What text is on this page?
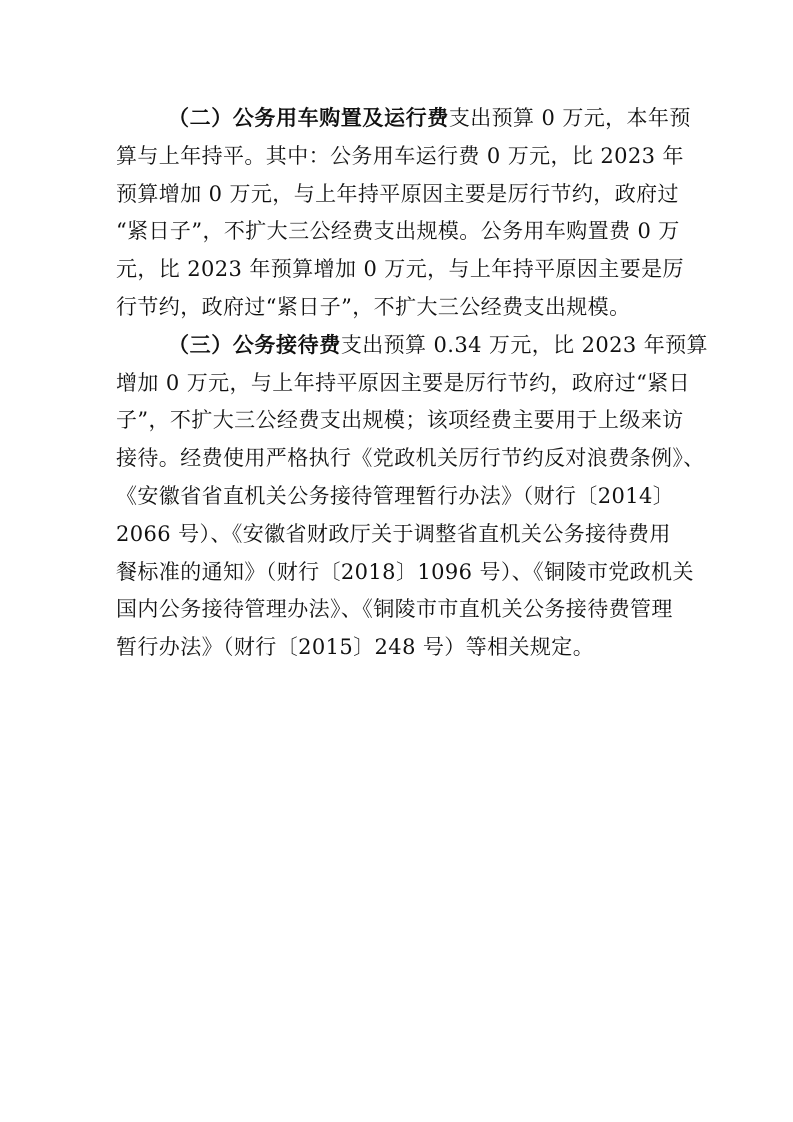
（二）公务用车购置及运行费支出预算 0 万元，本年预
算与上年持平。其中：公务用车运行费 0 万元，比 2023 年
预算增加 0 万元，与上年持平原因主要是厉行节约，政府过
“紧日子”，不扩大三公经费支出规模。公务用车购置费 0 万
元，比 2023 年预算增加 0 万元，与上年持平原因主要是厉
行节约，政府过“紧日子”，不扩大三公经费支出规模。
（三）公务接待费支出预算 0.34 万元，比 2023 年预算
增加 0 万元，与上年持平原因主要是厉行节约，政府过“紧日
子”，不扩大三公经费支出规模；该项经费主要用于上级来访
接待。经费使用严格执行《党政机关厉行节约反对浪费条例》、
《安徽省省直机关公务接待管理暂行办法》（财行〔2014〕
2066 号）、《安徽省财政厅关于调整省直机关公务接待费用
餐标准的通知》（财行〔2018〕1096 号）、《铜陵市党政机关
国内公务接待管理办法》、《铜陵市市直机关公务接待费管理
暂行办法》（财行〔2015〕248 号）等相关规定。
